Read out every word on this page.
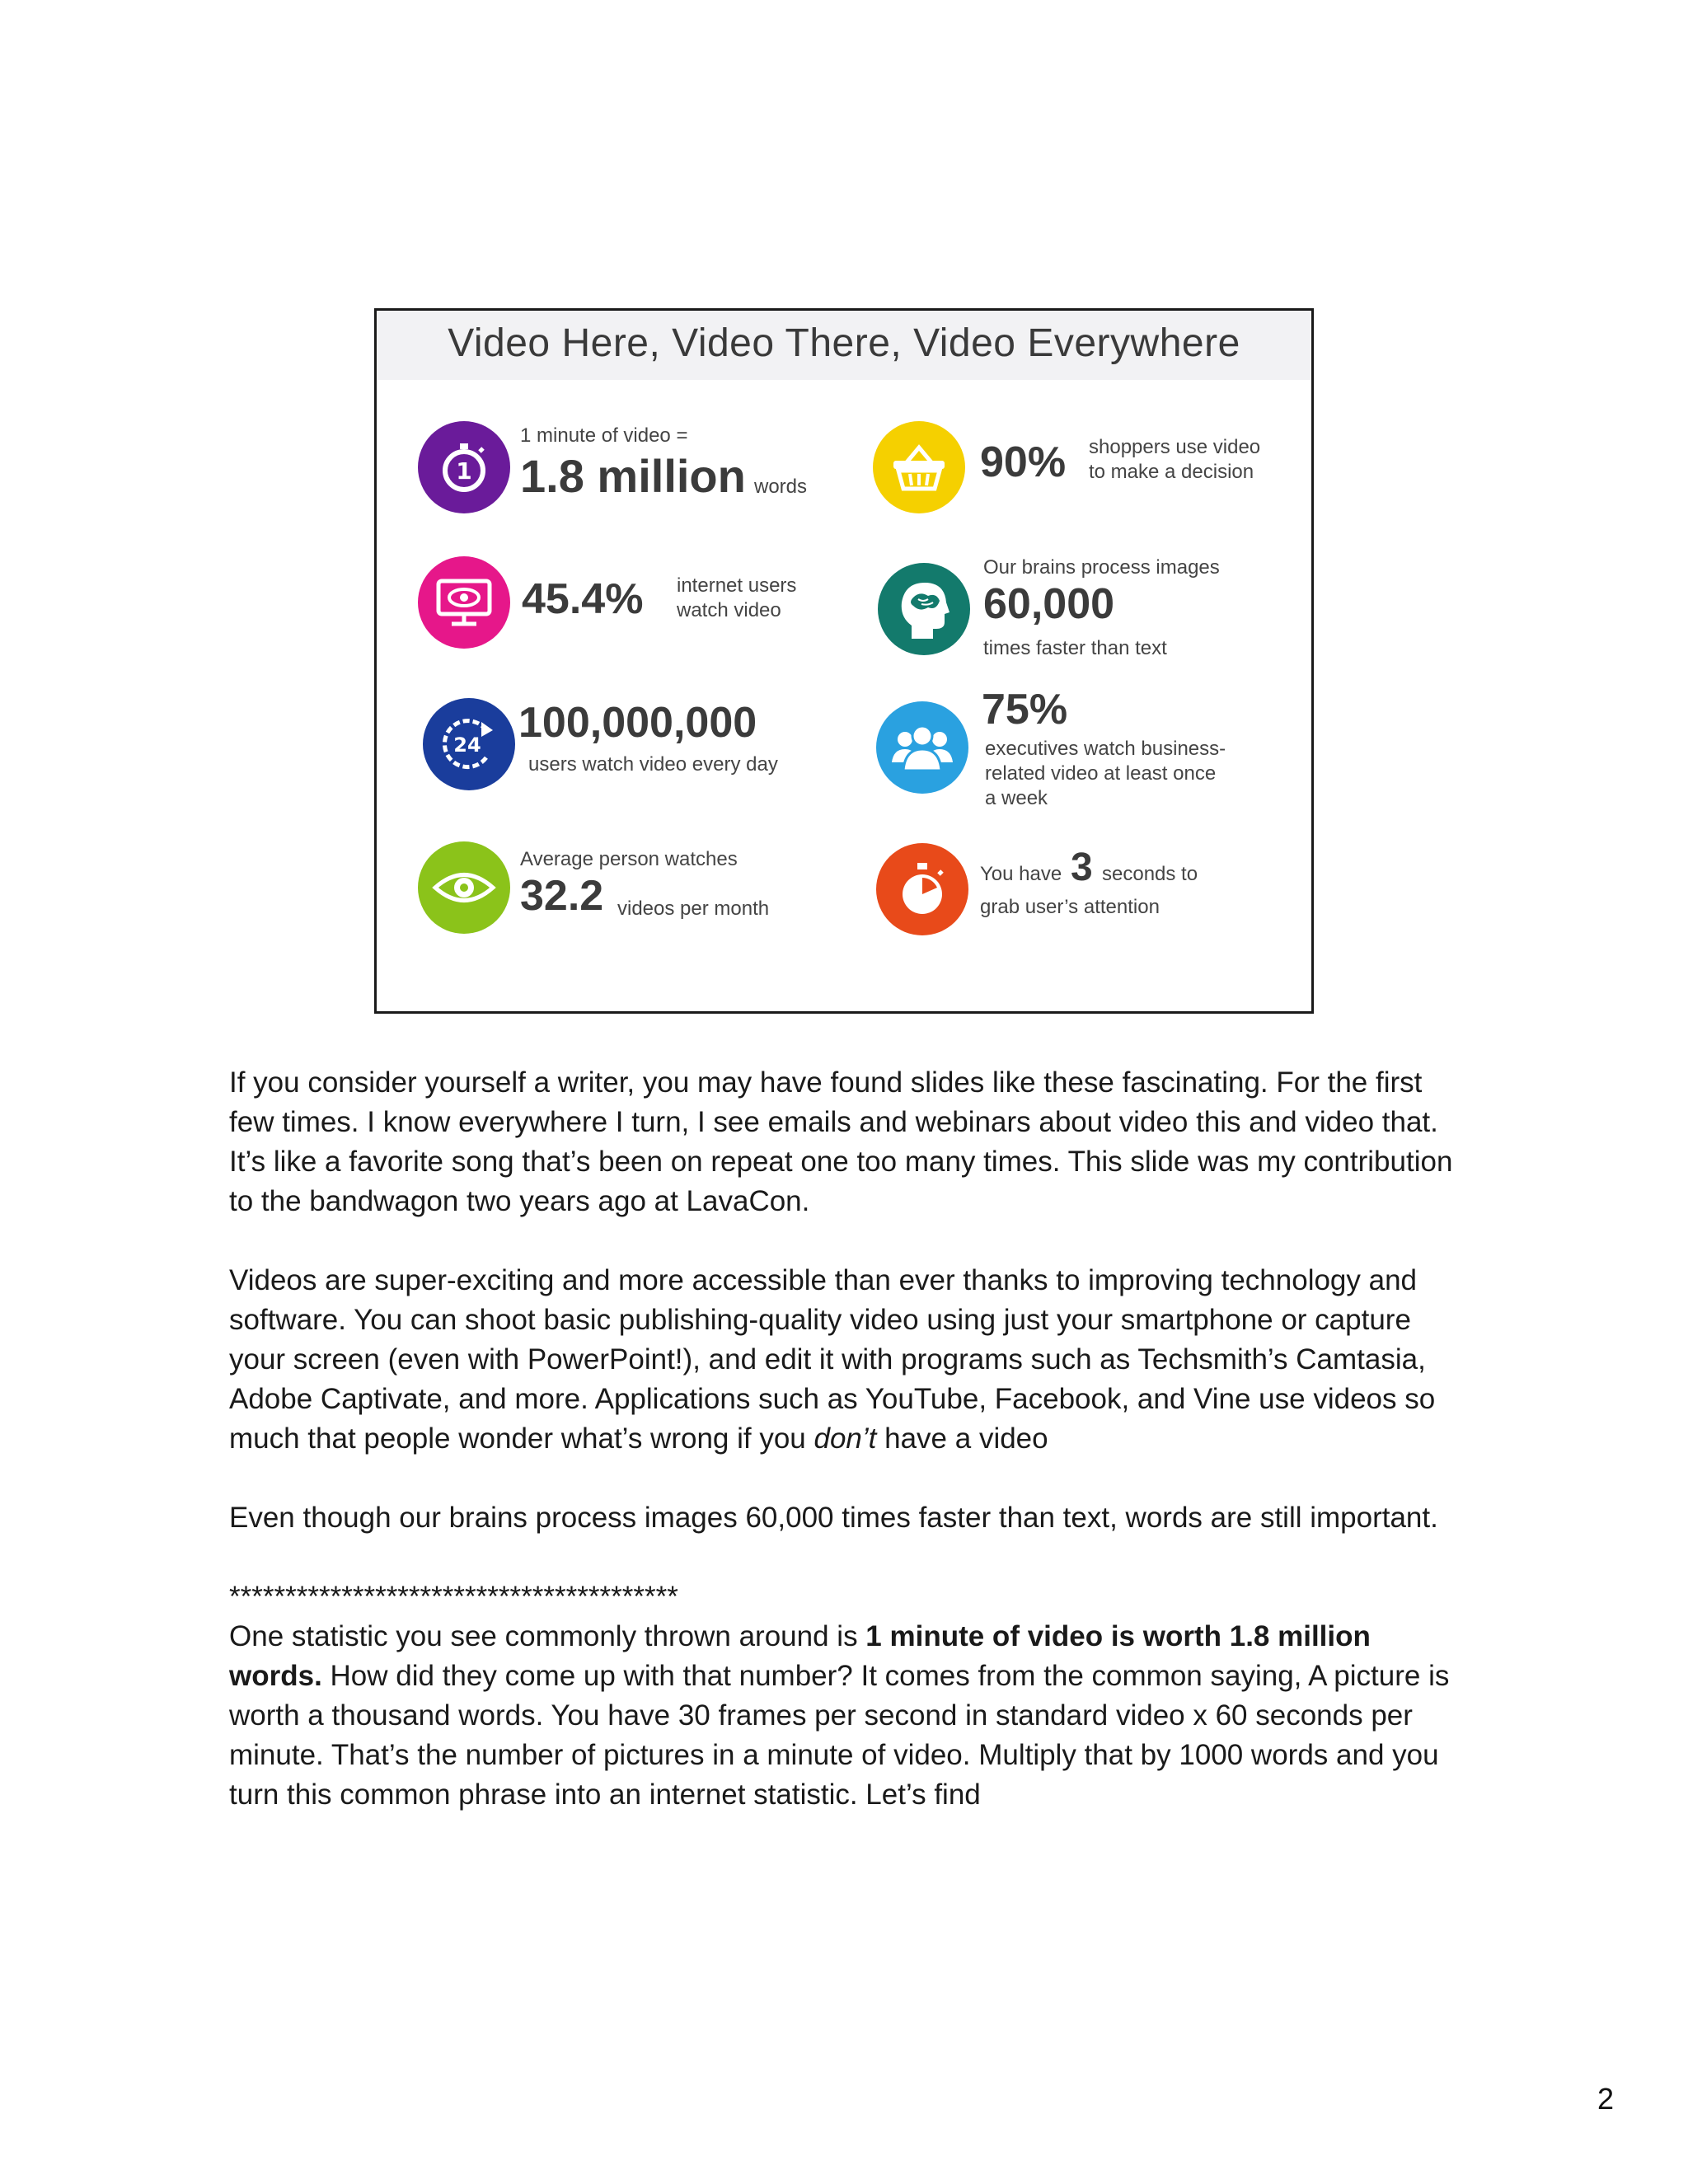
Video Here, Video There, Video Everywhere
1
1 minute of video =
1.8 million words
45.4% internet users
watch video
24 100,000,000
users watch video every day
Average person watches
32.2 videos per month
90% shoppers use video
to make a decision
Our brains process images
60,000
times faster than text
75%
executives watch business-
related video at least once
a week
You have 3 seconds to
grab user’s attention

If you consider yourself a writer, you may have found slides like these fascinating. For the first few times. I know everywhere I turn, I see emails and webinars about video this and video that. It’s like a favorite song that’s been on repeat one too many times. This slide was my contribution to the bandwagon two years ago at LavaCon.

Videos are super-exciting and more accessible than ever thanks to improving technology and software. You can shoot basic publishing-quality video using just your smartphone or capture your screen (even with PowerPoint!), and edit it with programs such as Techsmith’s Camtasia, Adobe Captivate, and more. Applications such as YouTube, Facebook, and Vine use videos so much that people wonder what’s wrong if you don’t have a video

Even though our brains process images 60,000 times faster than text, words are still important.

****************************************

One statistic you see commonly thrown around is 1 minute of video is worth 1.8 million words. How did they come up with that number? It comes from the common saying, A picture is worth a thousand words. You have 30 frames per second in standard video x 60 seconds per minute. That’s the number of pictures in a minute of video. Multiply that by 1000 words and you turn this common phrase into an internet statistic. Let’s find

2
